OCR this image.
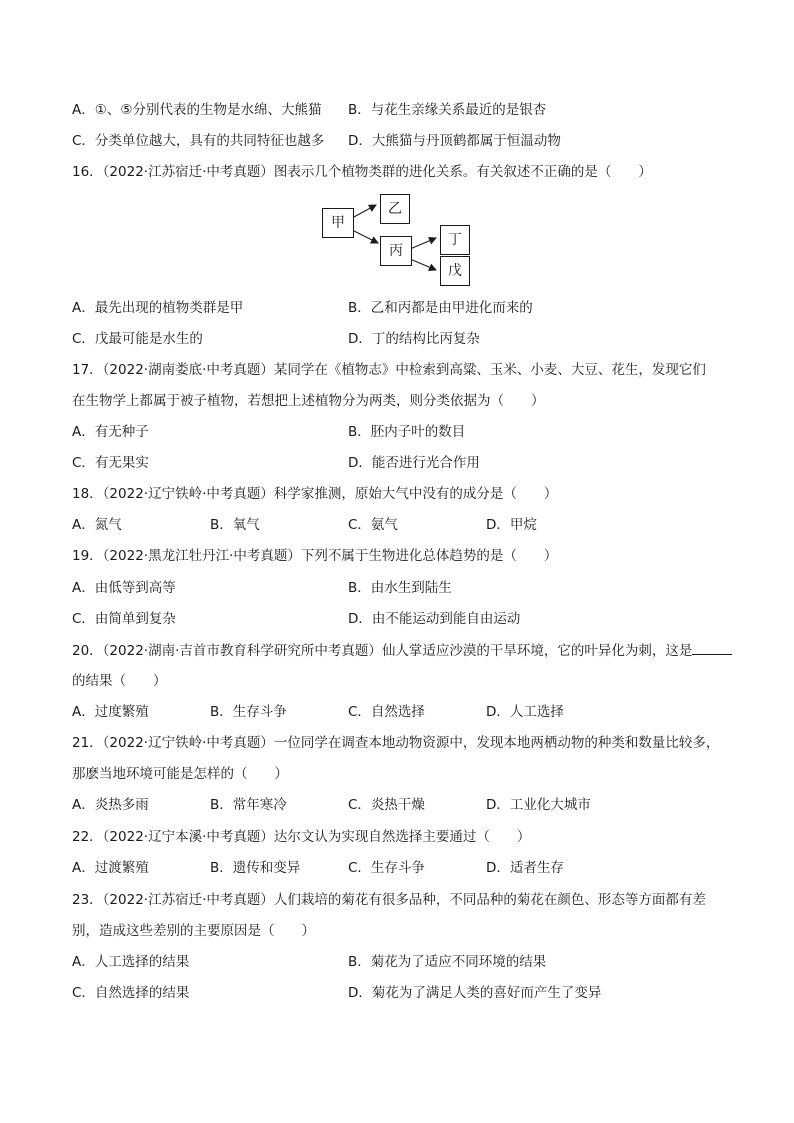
A．①、⑤分别代表的生物是水绵、大熊猫 B．与花生亲缘关系最近的是银杏
C．分类单位越大，具有的共同特征也越多 D．大熊猫与丹顶鹤都属于恒温动物
16．（2022·江苏宿迁·中考真题）图表示几个植物类群的进化关系。有关叙述不正确的是（　　）
甲
乙
丙
丁
戊
A．最先出现的植物类群是甲	B．乙和丙都是由甲进化而来的
C．戊最可能是水生的	D．丁的结构比丙复杂
17．（2022·湖南娄底·中考真题）某同学在《植物志》中检索到高粱、玉米、小麦、大豆、花生，发现它们
在生物学上都属于被子植物，若想把上述植物分为两类，则分类依据为（　　）
A．有无种子	B．胚内子叶的数目
C．有无果实	D．能否进行光合作用
18．（2022·辽宁铁岭·中考真题）科学家推测，原始大气中没有的成分是（　　）
A．氮气	B．氧气	C．氨气	D．甲烷
19．（2022·黑龙江牡丹江·中考真题）下列不属于生物进化总体趋势的是（　　）
A．由低等到高等	B．由水生到陆生
C．由简单到复杂	D．由不能运动到能自由运动
20．（2022·湖南·吉首市教育科学研究所中考真题）仙人掌适应沙漠的干旱环境，它的叶异化为刺，这是
的结果（　　）
A．过度繁殖	B．生存斗争	C．自然选择	D．人工选择
21．（2022·辽宁铁岭·中考真题）一位同学在调查本地动物资源中，发现本地两栖动物的种类和数量比较多，
那麽当地环境可能是怎样的（　　）
A．炎热多雨	B．常年寒冷	C．炎热干燥	D．工业化大城市
22．（2022·辽宁本溪·中考真题）达尔文认为实现自然选择主要通过（　　）
A．过渡繁殖	B．遗传和变异	C．生存斗争	D．适者生存
23．（2022·江苏宿迁·中考真题）人们栽培的菊花有很多品种，不同品种的菊花在颜色、形态等方面都有差
别，造成这些差别的主要原因是（　　）
A．人工选择的结果	B．菊花为了适应不同环境的结果
C．自然选择的结果	D．菊花为了满足人类的喜好而产生了变异
